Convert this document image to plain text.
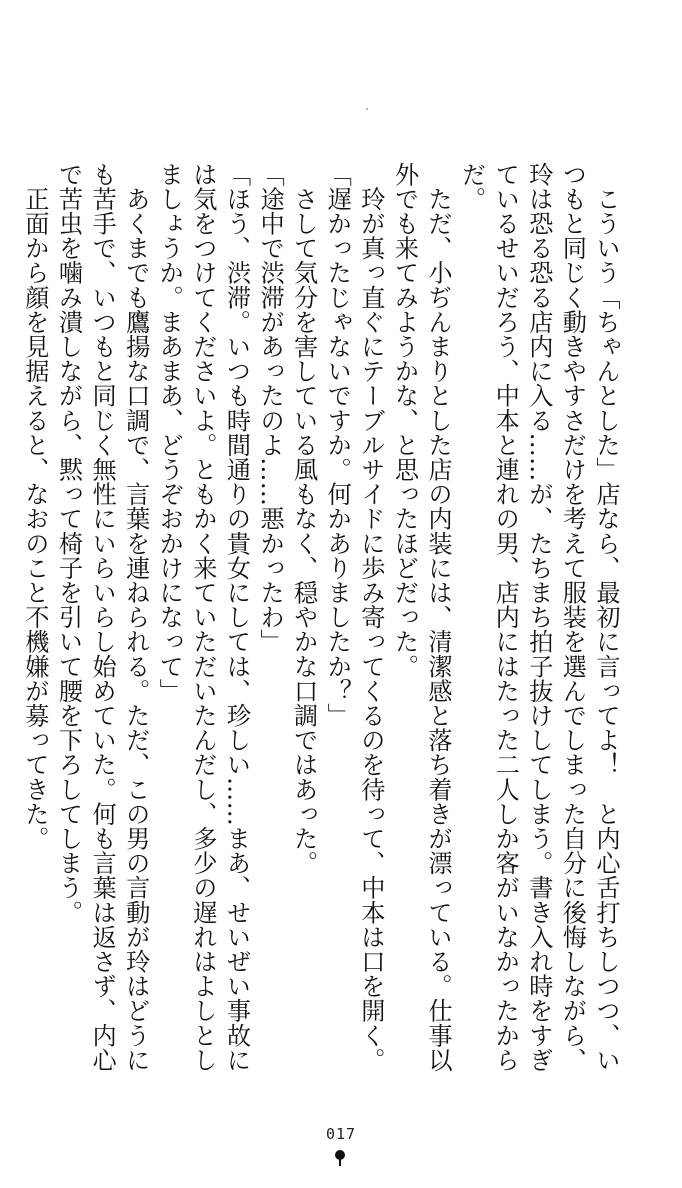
　こういう「ちゃんとした」店なら、最初に言ってよ！　と内心舌打ちしつつ、いつもと同じく動きやすさだけを考えて服装を選んでしまった自分に後悔しながら、玲は恐る恐る店内に入る……が、たちまち拍子抜けしてしまう。書き入れ時をすぎているせいだろう、中本と連れの男、店内にはたった二人しか客がいなかったからだ。

　ただ、小ぢんまりとした店の内装には、清潔感と落ち着きが漂っている。仕事以外でも来てみようかな、と思ったほどだった。

　玲が真っ直ぐにテーブルサイドに歩み寄ってくるのを待って、中本は口を開く。

「遅かったじゃないですか。何かありましたか？」

　さして気分を害している風もなく、穏やかな口調ではあった。

「途中で渋滞があったのよ……悪かったわ」

「ほう、渋滞。いつも時間通りの貴女にしては、珍しい……まあ、せいぜい事故には気をつけてくださいよ。ともかく来ていただいたんだし、多少の遅れはよしとしましょうか。まあまあ、どうぞおかけになって」

　あくまでも鷹揚な口調で、言葉を連ねられる。ただ、この男の言動が玲はどうにも苦手で、いつもと同じく無性にいらいらし始めていた。何も言葉は返さず、内心で苦虫を噛み潰しながら、黙って椅子を引いて腰を下ろしてしまう。

　正面から顔を見据えると、なおのこと不機嫌が募ってきた。

017
